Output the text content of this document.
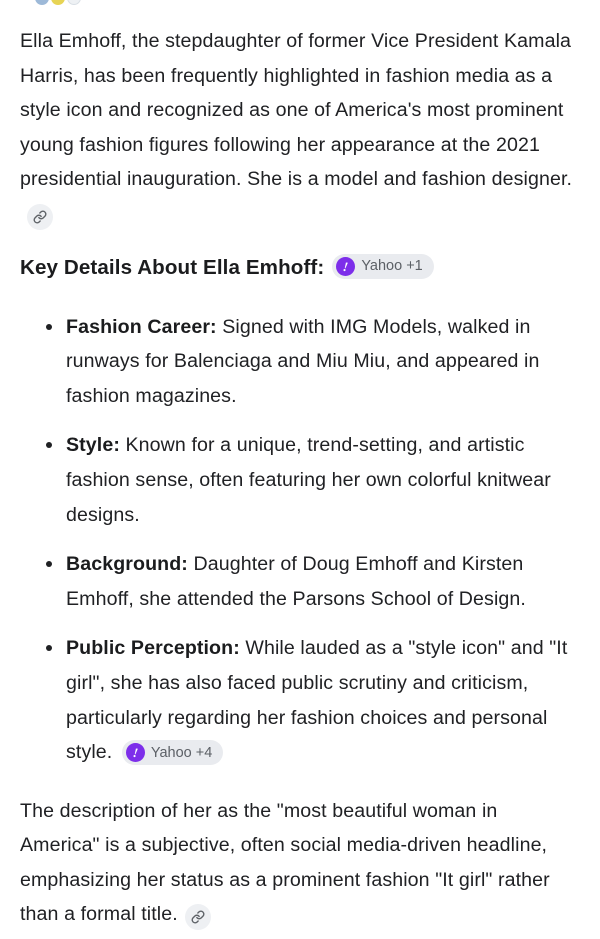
Ella Emhoff, the stepdaughter of former Vice President Kamala Harris, has been frequently highlighted in fashion media as a style icon and recognized as one of America's most prominent young fashion figures following her appearance at the 2021 presidential inauguration. She is a model and fashion designer.

Key Details About Ella Emhoff: ! Yahoo +1
Fashion Career: Signed with IMG Models, walked in runways for Balenciaga and Miu Miu, and appeared in fashion magazines.
Style: Known for a unique, trend-setting, and artistic fashion sense, often featuring her own colorful knitwear designs.
Background: Daughter of Doug Emhoff and Kirsten Emhoff, she attended the Parsons School of Design.
Public Perception: While lauded as a "style icon" and "It girl", she has also faced public scrutiny and criticism, particularly regarding her fashion choices and personal style. ! Yahoo +4

The description of her as the "most beautiful woman in America" is a subjective, often social media-driven headline, emphasizing her status as a prominent fashion "It girl" rather than a formal title.
